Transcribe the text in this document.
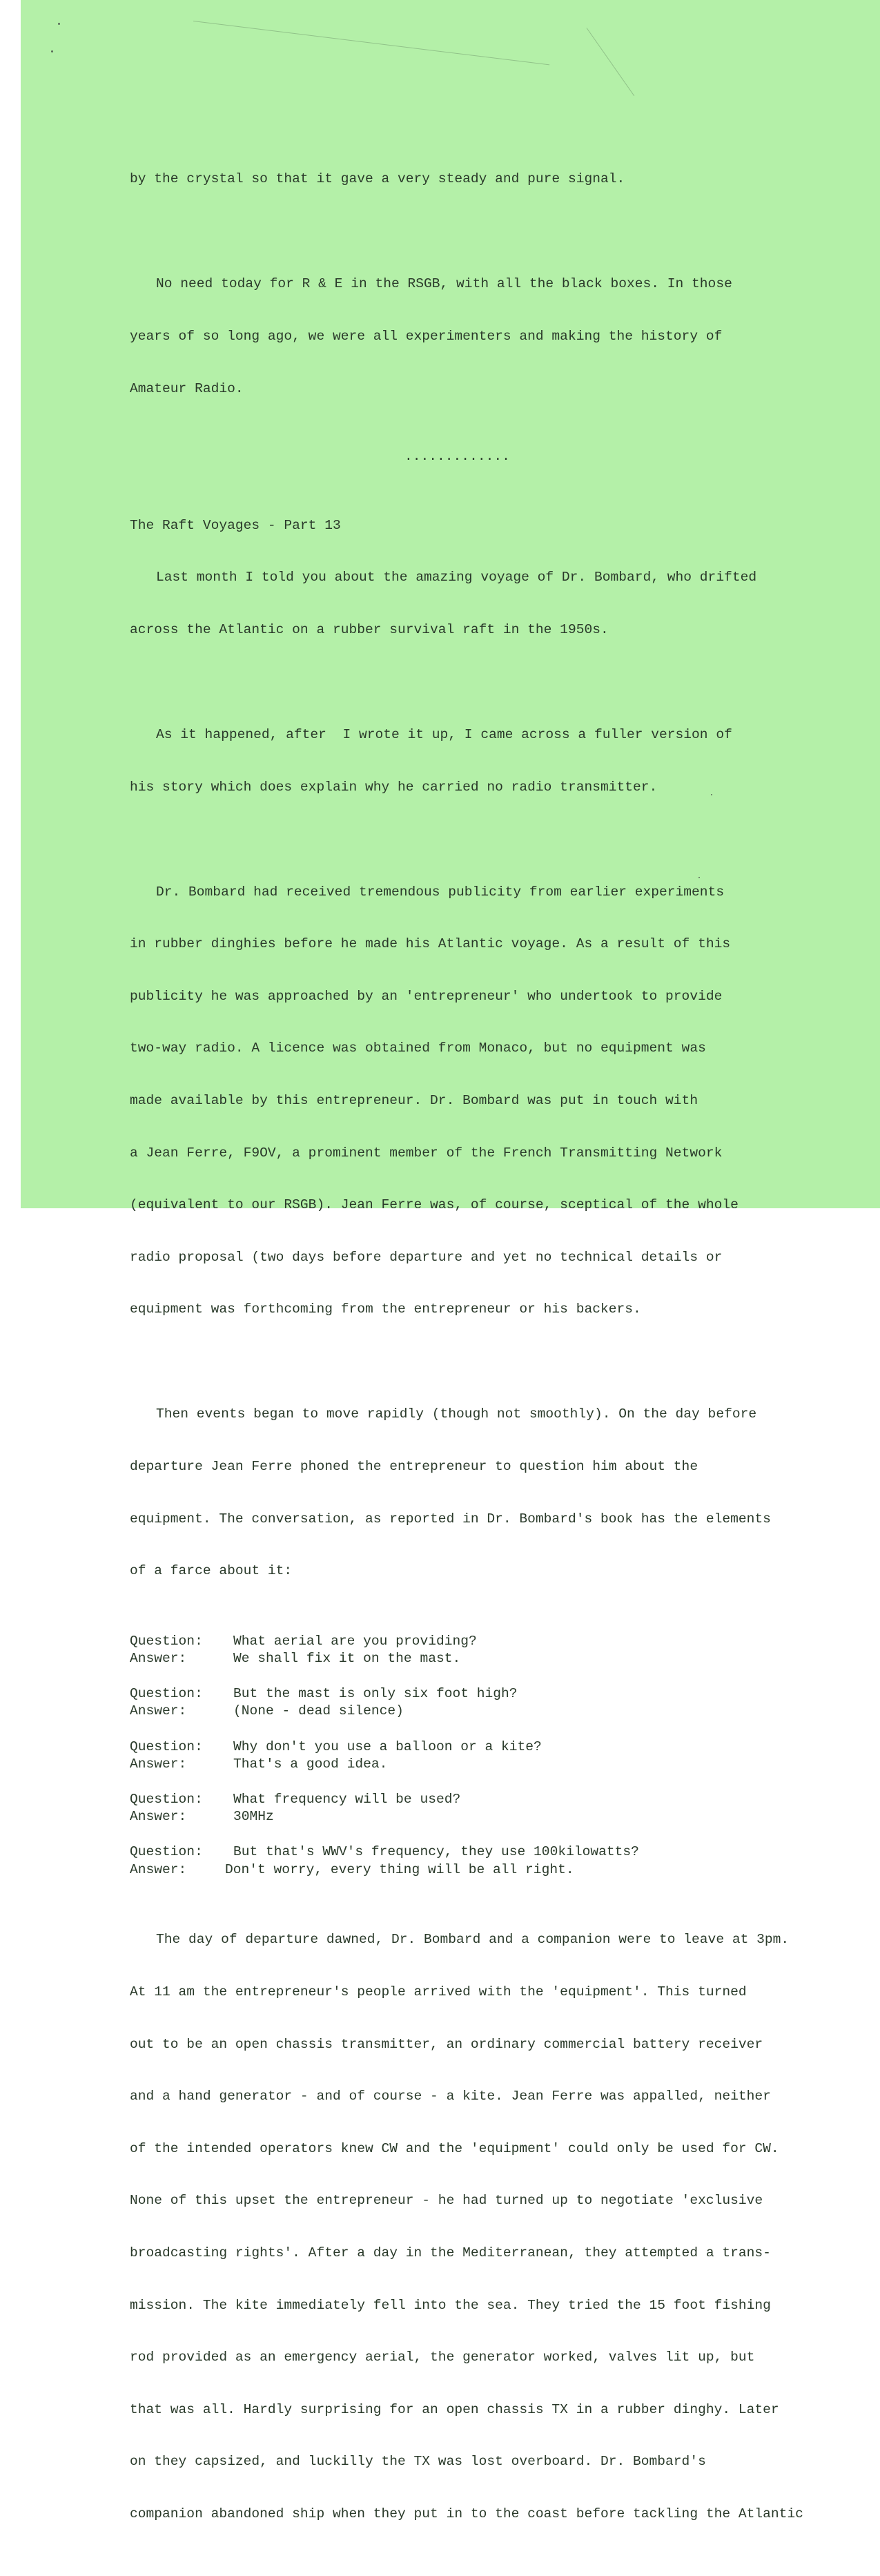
by the crystal so that it gave a very steady and pure signal.

No need today for R & E in the RSGB, with all the black boxes. In those

years of so long ago, we were all experimenters and making the history of

Amateur Radio.

.............

The Raft Voyages - Part 13

Last month I told you about the amazing voyage of Dr. Bombard, who drifted

across the Atlantic on a rubber survival raft in the 1950s.

As it happened, after  I wrote it up, I came across a fuller version of

his story which does explain why he carried no radio transmitter.

Dr. Bombard had received tremendous publicity from earlier experiments

in rubber dinghies before he made his Atlantic voyage. As a result of this

publicity he was approached by an 'entrepreneur' who undertook to provide

two-way radio. A licence was obtained from Monaco, but no equipment was

made available by this entrepreneur. Dr. Bombard was put in touch with

a Jean Ferre, F9OV, a prominent member of the French Transmitting Network

(equivalent to our RSGB). Jean Ferre was, of course, sceptical of the whole

radio proposal (two days before departure and yet no technical details or

equipment was forthcoming from the entrepreneur or his backers.

Then events began to move rapidly (though not smoothly). On the day before

departure Jean Ferre phoned the entrepreneur to question him about the

equipment. The conversation, as reported in Dr. Bombard's book has the elements

of a farce about it:

Question:	What aerial are you providing?
Answer:	We shall fix it on the mast.
Question:	But the mast is only six foot high?
Answer:	(None - dead silence)
Question:	Why don't you use a balloon or a kite?
Answer:	That's a good idea.
Question:	What frequency will be used?
Answer:	30MHz
Question:	But that's WWV's frequency, they use 100kilowatts?
Answer:	Don't worry, every thing will be all right.

The day of departure dawned, Dr. Bombard and a companion were to leave at 3pm.

At 11 am the entrepreneur's people arrived with the 'equipment'. This turned

out to be an open chassis transmitter, an ordinary commercial battery receiver

and a hand generator - and of course - a kite. Jean Ferre was appalled, neither

of the intended operators knew CW and the 'equipment' could only be used for CW.

None of this upset the entrepreneur - he had turned up to negotiate 'exclusive

broadcasting rights'. After a day in the Mediterranean, they attempted a trans-

mission. The kite immediately fell into the sea. They tried the 15 foot fishing

rod provided as an emergency aerial, the generator worked, valves lit up, but

that was all. Hardly surprising for an open chassis TX in a rubber dinghy. Later

on they capsized, and luckilly the TX was lost overboard. Dr. Bombard's

companion abandoned ship when they put in to the coast before tackling the Atlantic
